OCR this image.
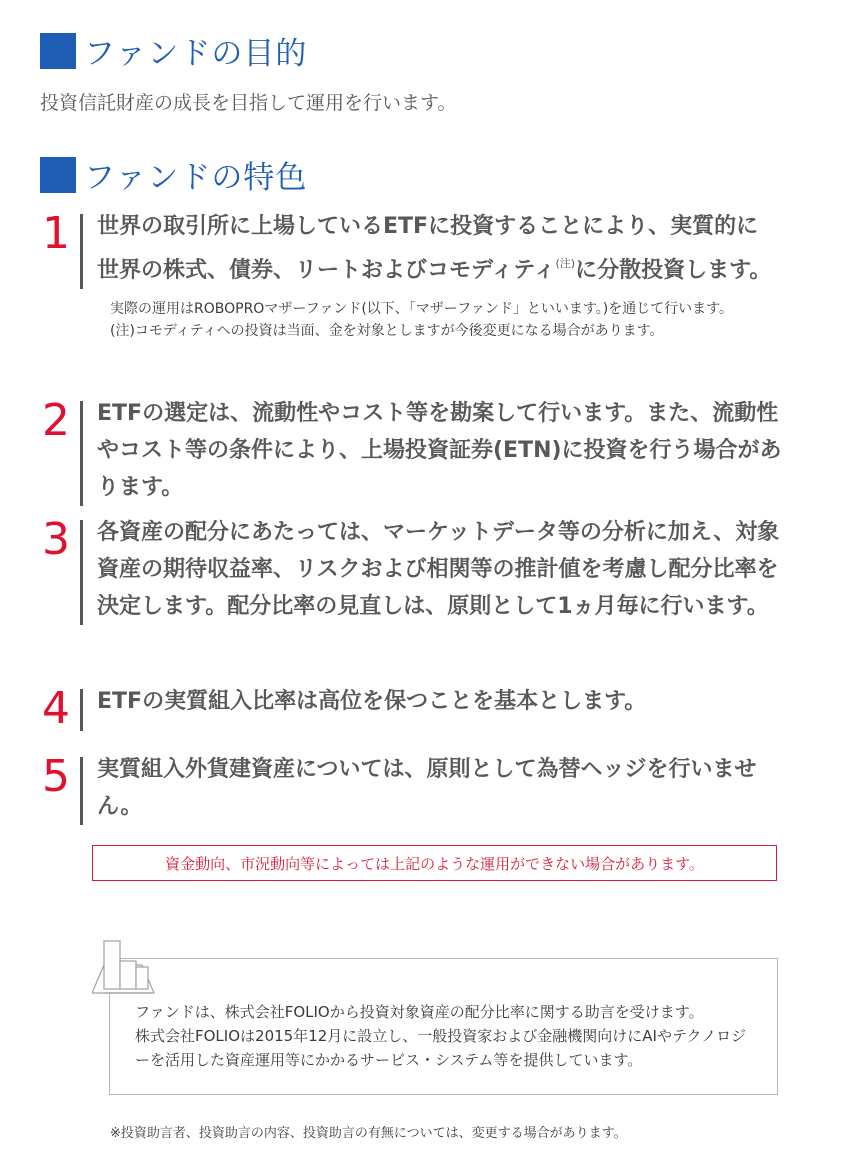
ファンドの目的
投資信託財産の成長を目指して運用を行います。
ファンドの特色
1 世界の取引所に上場しているETFに投資することにより、実質的に
世界の株式、債券、リートおよびコモディティ$^{(注)}$に分散投資します。
実際の運用はROBOPROマザーファンド(以下、「マザーファンド」といいます。)を通じて行います。
(注)コモディティへの投資は当面、金を対象としますが今後変更になる場合があります。
2 ETFの選定は、流動性やコスト等を勘案して行います。また、流動性やコスト等の条件により、上場投資証券(ETN)に投資を行う場合があります。
3 各資産の配分にあたっては、マーケットデータ等の分析に加え、対象資産の期待収益率、リスクおよび相関等の推計値を考慮し配分比率を決定します。配分比率の見直しは、原則として1ヵ月毎に行います。
4 ETFの実質組入比率は高位を保つことを基本とします。
5 実質組入外貨建資産については、原則として為替ヘッジを行いません。
資金動向、市況動向等によっては上記のような運用ができない場合があります。
ファンドは、株式会社FOLIOから投資対象資産の配分比率に関する助言を受けます。
株式会社FOLIOは2015年12月に設立し、一般投資家および金融機関向けにAIやテクノロジーを活用した資産運用等にかかるサービス・システム等を提供しています。
※投資助言者、投資助言の内容、投資助言の有無については、変更する場合があります。
